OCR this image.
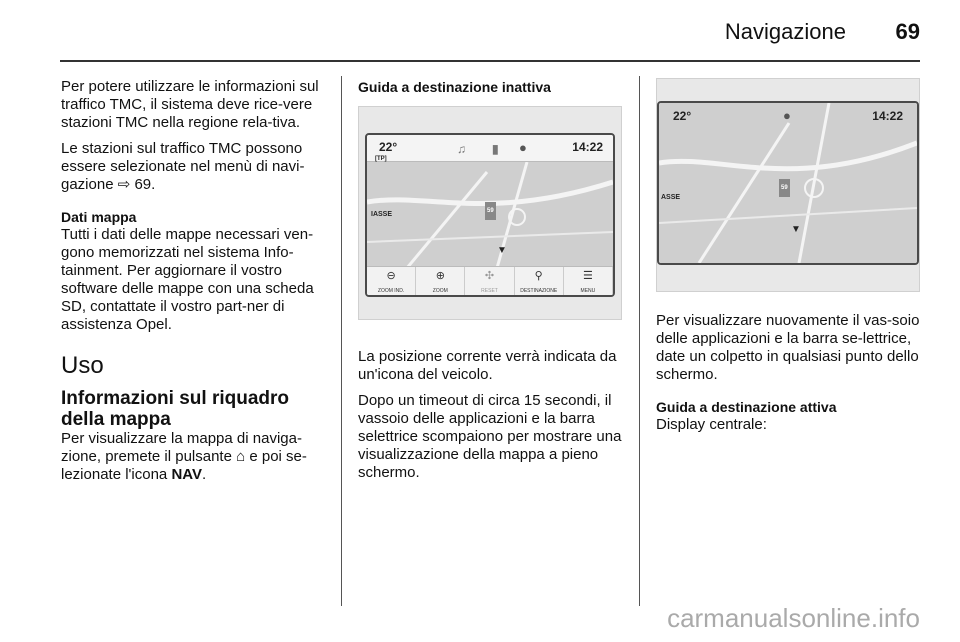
Navigazione 69

Per potere utilizzare le informazioni sul traffico TMC, il sistema deve rice-vere stazioni TMC nella regione rela-tiva.

Le stazioni sul traffico TMC possono essere selezionate nel menù di navi-gazione ⇨ 69.

Dati mappa

Tutti i dati delle mappe necessari ven-gono memorizzati nel sistema Info-tainment. Per aggiornare il vostro software delle mappe con una scheda SD, contattate il vostro part-ner di assistenza Opel.

Uso
Informazioni sul riquadro della mappa

Per visualizzare la mappa di naviga-zione, premete il pulsante ⌂ e poi se-lezionate l'icona NAV.

Guida a destinazione inattiva
22°
[TP]
♫ ▮ ●	14:22
IASSE	59
▼
⊖
ZOOM IND.
⊕
ZOOM
✣
RESET
⚲
DESTINAZIONE
☰
MENU

La posizione corrente verrà indicata da un'icona del veicolo.

Dopo un timeout di circa 15 secondi, il vassoio delle applicazioni e la barra selettrice scompaiono per mostrare una visualizzazione della mappa a pieno schermo.

22°	●	14:22
ASSE
59
▼

Per visualizzare nuovamente il vas-soio delle applicazioni e la barra se-lettrice, date un colpetto in qualsiasi punto dello schermo.

Guida a destinazione attiva

Display centrale:

carmanualsonline.info
